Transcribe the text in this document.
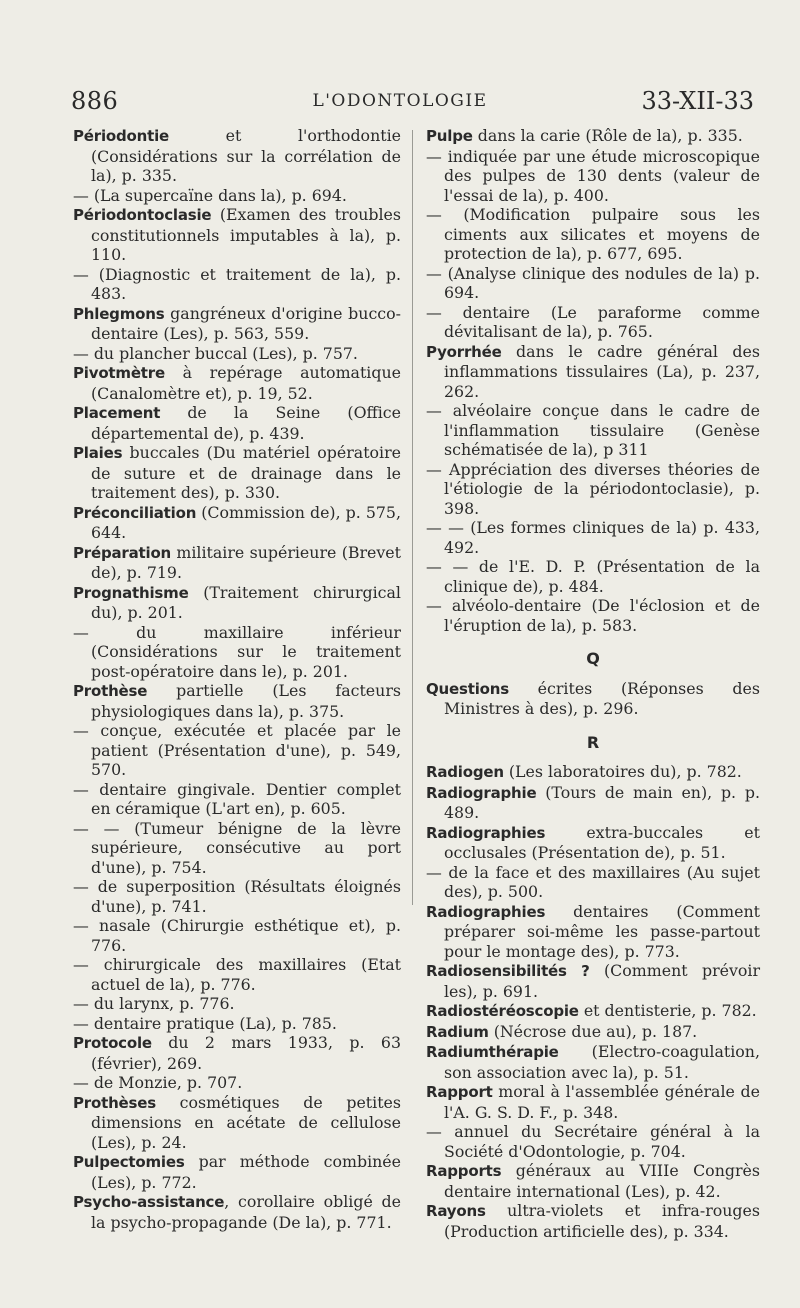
886	L'ODONTOLOGIE	33-XII-33

Périodontie et l'orthodontie (Considérations sur la corrélation de la), p. 335.

— (La supercaïne dans la), p. 694.

Périodontoclasie (Examen des troubles constitutionnels imputables à la), p. 110.

— (Diagnostic et traitement de la), p. 483.

Phlegmons gangréneux d'origine bucco-dentaire (Les), p. 563, 559.

— du plancher buccal (Les), p. 757.

Pivotmètre à repérage automatique (Canalomètre et), p. 19, 52.

Placement de la Seine (Office départemental de), p. 439.

Plaies buccales (Du matériel opératoire de suture et de drainage dans le traitement des), p. 330.

Préconciliation (Commission de), p. 575, 644.

Préparation militaire supérieure (Brevet de), p. 719.

Prognathisme (Traitement chirurgical du), p. 201.

— du maxillaire inférieur (Considérations sur le traitement post-opératoire dans le), p. 201.

Prothèse partielle (Les facteurs physiologiques dans la), p. 375.

— conçue, exécutée et placée par le patient (Présentation d'une), p. 549, 570.

— dentaire gingivale. Dentier complet en céramique (L'art en), p. 605.

— — (Tumeur bénigne de la lèvre supérieure, consécutive au port d'une), p. 754.

— de superposition (Résultats éloignés d'une), p. 741.

— nasale (Chirurgie esthétique et), p. 776.

— chirurgicale des maxillaires (Etat actuel de la), p. 776.

— du larynx, p. 776.

— dentaire pratique (La), p. 785.

Protocole du 2 mars 1933, p. 63 (février), 269.

— de Monzie, p. 707.

Prothèses cosmétiques de petites dimensions en acétate de cellulose (Les), p. 24.

Pulpectomies par méthode combinée (Les), p. 772.

Psycho-assistance, corollaire obligé de la psycho-propagande (De la), p. 771.

Pulpe dans la carie (Rôle de la), p. 335.

— indiquée par une étude microscopique des pulpes de 130 dents (valeur de l'essai de la), p. 400.

— (Modification pulpaire sous les ciments aux silicates et moyens de protection de la), p. 677, 695.

— (Analyse clinique des nodules de la) p. 694.

— dentaire (Le paraforme comme dévitalisant de la), p. 765.

Pyorrhée dans le cadre général des inflammations tissulaires (La), p. 237, 262.

— alvéolaire conçue dans le cadre de l'inflammation tissulaire (Genèse schématisée de la), p 311

— Appréciation des diverses théories de l'étiologie de la périodontoclasie), p. 398.

— — (Les formes cliniques de la) p. 433, 492.

— — de l'E. D. P. (Présentation de la clinique de), p. 484.

— alvéolo-dentaire (De l'éclosion et de l'éruption de la), p. 583.

Q

Questions écrites (Réponses des Ministres à des), p. 296.

R

Radiogen (Les laboratoires du), p. 782.

Radiographie (Tours de main en), p. p. 489.

Radiographies extra-buccales et occlusales (Présentation de), p. 51.

— de la face et des maxillaires (Au sujet des), p. 500.

Radiographies dentaires (Comment préparer soi-même les passe-partout pour le montage des), p. 773.

Radiosensibilités ? (Comment prévoir les), p. 691.

Radiostéréoscopie et dentisterie, p. 782.

Radium (Nécrose due au), p. 187.

Radiumthérapie (Electro-coagulation, son association avec la), p. 51.

Rapport moral à l'assemblée générale de l'A. G. S. D. F., p. 348.

— annuel du Secrétaire général à la Société d'Odontologie, p. 704.

Rapports généraux au VIIIe Congrès dentaire international (Les), p. 42.

Rayons ultra-violets et infra-rouges (Production artificielle des), p. 334.
